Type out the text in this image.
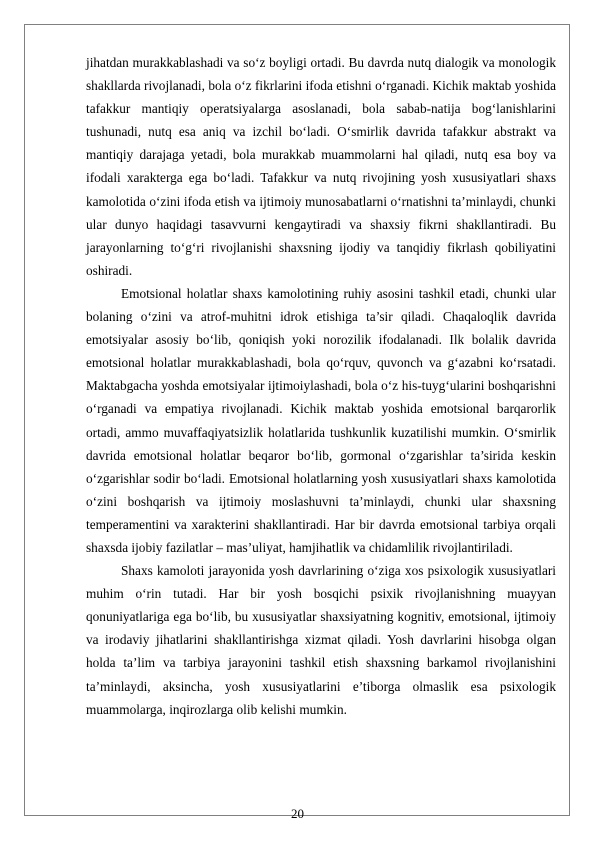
jihatdan murakkablashadi va so‘z boyligi ortadi. Bu davrda nutq dialogik va monologik shakllarda rivojlanadi, bola o‘z fikrlarini ifoda etishni o‘rganadi. Kichik maktab yoshida tafakkur mantiqiy operatsiyalarga asoslanadi, bola sabab-natija bog‘lanishlarini tushunadi, nutq esa aniq va izchil bo‘ladi. O‘smirlik davrida tafakkur abstrakt va mantiqiy darajaga yetadi, bola murakkab muammolarni hal qiladi, nutq esa boy va ifodali xarakterga ega bo‘ladi. Tafakkur va nutq rivojining yosh xususiyatlari shaxs kamolotida o‘zini ifoda etish va ijtimoiy munosabatlarni o‘rnatishni ta’minlaydi, chunki ular dunyo haqidagi tasavvurni kengaytiradi va shaxsiy fikrni shakllantiradi. Bu jarayonlarning to‘g‘ri rivojlanishi shaxsning ijodiy va tanqidiy fikrlash qobiliyatini oshiradi.

Emotsional holatlar shaxs kamolotining ruhiy asosini tashkil etadi, chunki ular bolaning o‘zini va atrof-muhitni idrok etishiga ta’sir qiladi. Chaqaloqlik davrida emotsiyalar asosiy bo‘lib, qoniqish yoki norozilik ifodalanadi. Ilk bolalik davrida emotsional holatlar murakkablashadi, bola qo‘rquv, quvonch va g‘azabni ko‘rsatadi. Maktabgacha yoshda emotsiyalar ijtimoiylashadi, bola o‘z his-tuyg‘ularini boshqarishni o‘rganadi va empatiya rivojlanadi. Kichik maktab yoshida emotsional barqarorlik ortadi, ammo muvaffaqiyatsizlik holatlarida tushkunlik kuzatilishi mumkin. O‘smirlik davrida emotsional holatlar beqaror bo‘lib, gormonal o‘zgarishlar ta’sirida keskin o‘zgarishlar sodir bo‘ladi. Emotsional holatlarning yosh xususiyatlari shaxs kamolotida o‘zini boshqarish va ijtimoiy moslashuvni ta’minlaydi, chunki ular shaxsning temperamentini va xarakterini shakllantiradi. Har bir davrda emotsional tarbiya orqali shaxsda ijobiy fazilatlar – mas’uliyat, hamjihatlik va chidamlilik rivojlantiriladi.

Shaxs kamoloti jarayonida yosh davrlarining o‘ziga xos psixologik xususiyatlari muhim o‘rin tutadi. Har bir yosh bosqichi psixik rivojlanishning muayyan qonuniyatlariga ega bo‘lib, bu xususiyatlar shaxsiyatning kognitiv, emotsional, ijtimoiy va irodaviy jihatlarini shakllantirishga xizmat qiladi. Yosh davrlarini hisobga olgan holda ta’lim va tarbiya jarayonini tashkil etish shaxsning barkamol rivojlanishini ta’minlaydi, aksincha, yosh xususiyatlarini e’tiborga olmaslik esa psixologik muammolarga, inqirozlarga olib kelishi mumkin.

20
